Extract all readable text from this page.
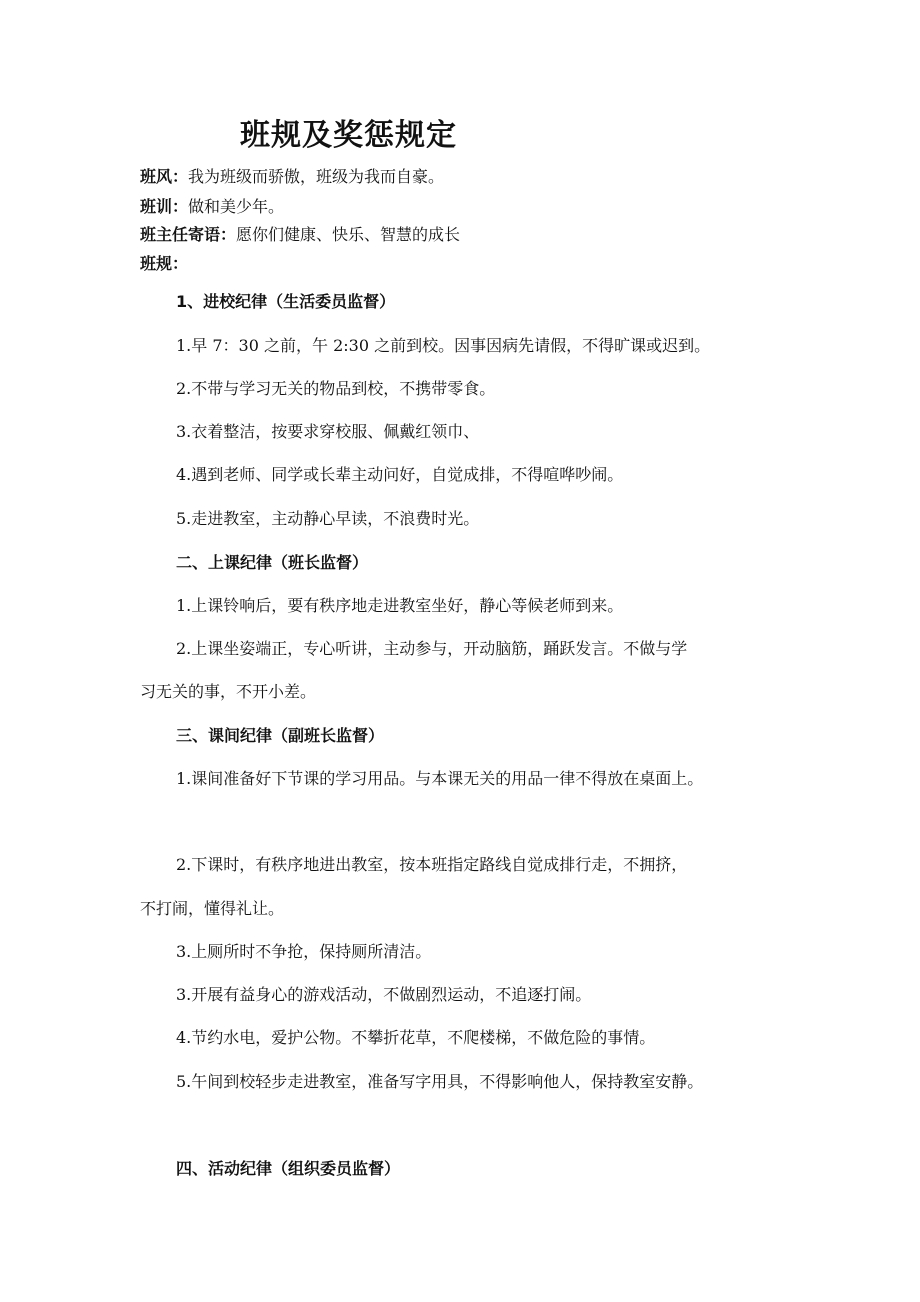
班规及奖惩规定
班风：我为班级而骄傲，班级为我而自豪。
班训：做和美少年。
班主任寄语：愿你们健康、快乐、智慧的成长
班规：
1、进校纪律（生活委员监督）
1.早 7：30 之前，午 2:30 之前到校。因事因病先请假，不得旷课或迟到。
2.不带与学习无关的物品到校，不携带零食。
3.衣着整洁，按要求穿校服、佩戴红领巾、
4.遇到老师、同学或长辈主动问好，自觉成排，不得喧哗吵闹。
5.走进教室，主动静心早读，不浪费时光。
二、上课纪律（班长监督）
1.上课铃响后，要有秩序地走进教室坐好，静心等候老师到来。
2.上课坐姿端正，专心听讲，主动参与，开动脑筋，踊跃发言。不做与学
习无关的事，不开小差。
三、课间纪律（副班长监督）
1.课间准备好下节课的学习用品。与本课无关的用品一律不得放在桌面上。
2.下课时，有秩序地进出教室，按本班指定路线自觉成排行走，不拥挤，
不打闹，懂得礼让。
3.上厕所时不争抢，保持厕所清洁。
3.开展有益身心的游戏活动，不做剧烈运动，不追逐打闹。
4.节约水电，爱护公物。不攀折花草，不爬楼梯，不做危险的事情。
5.午间到校轻步走进教室，准备写字用具，不得影响他人，保持教室安静。
四、活动纪律（组织委员监督）
